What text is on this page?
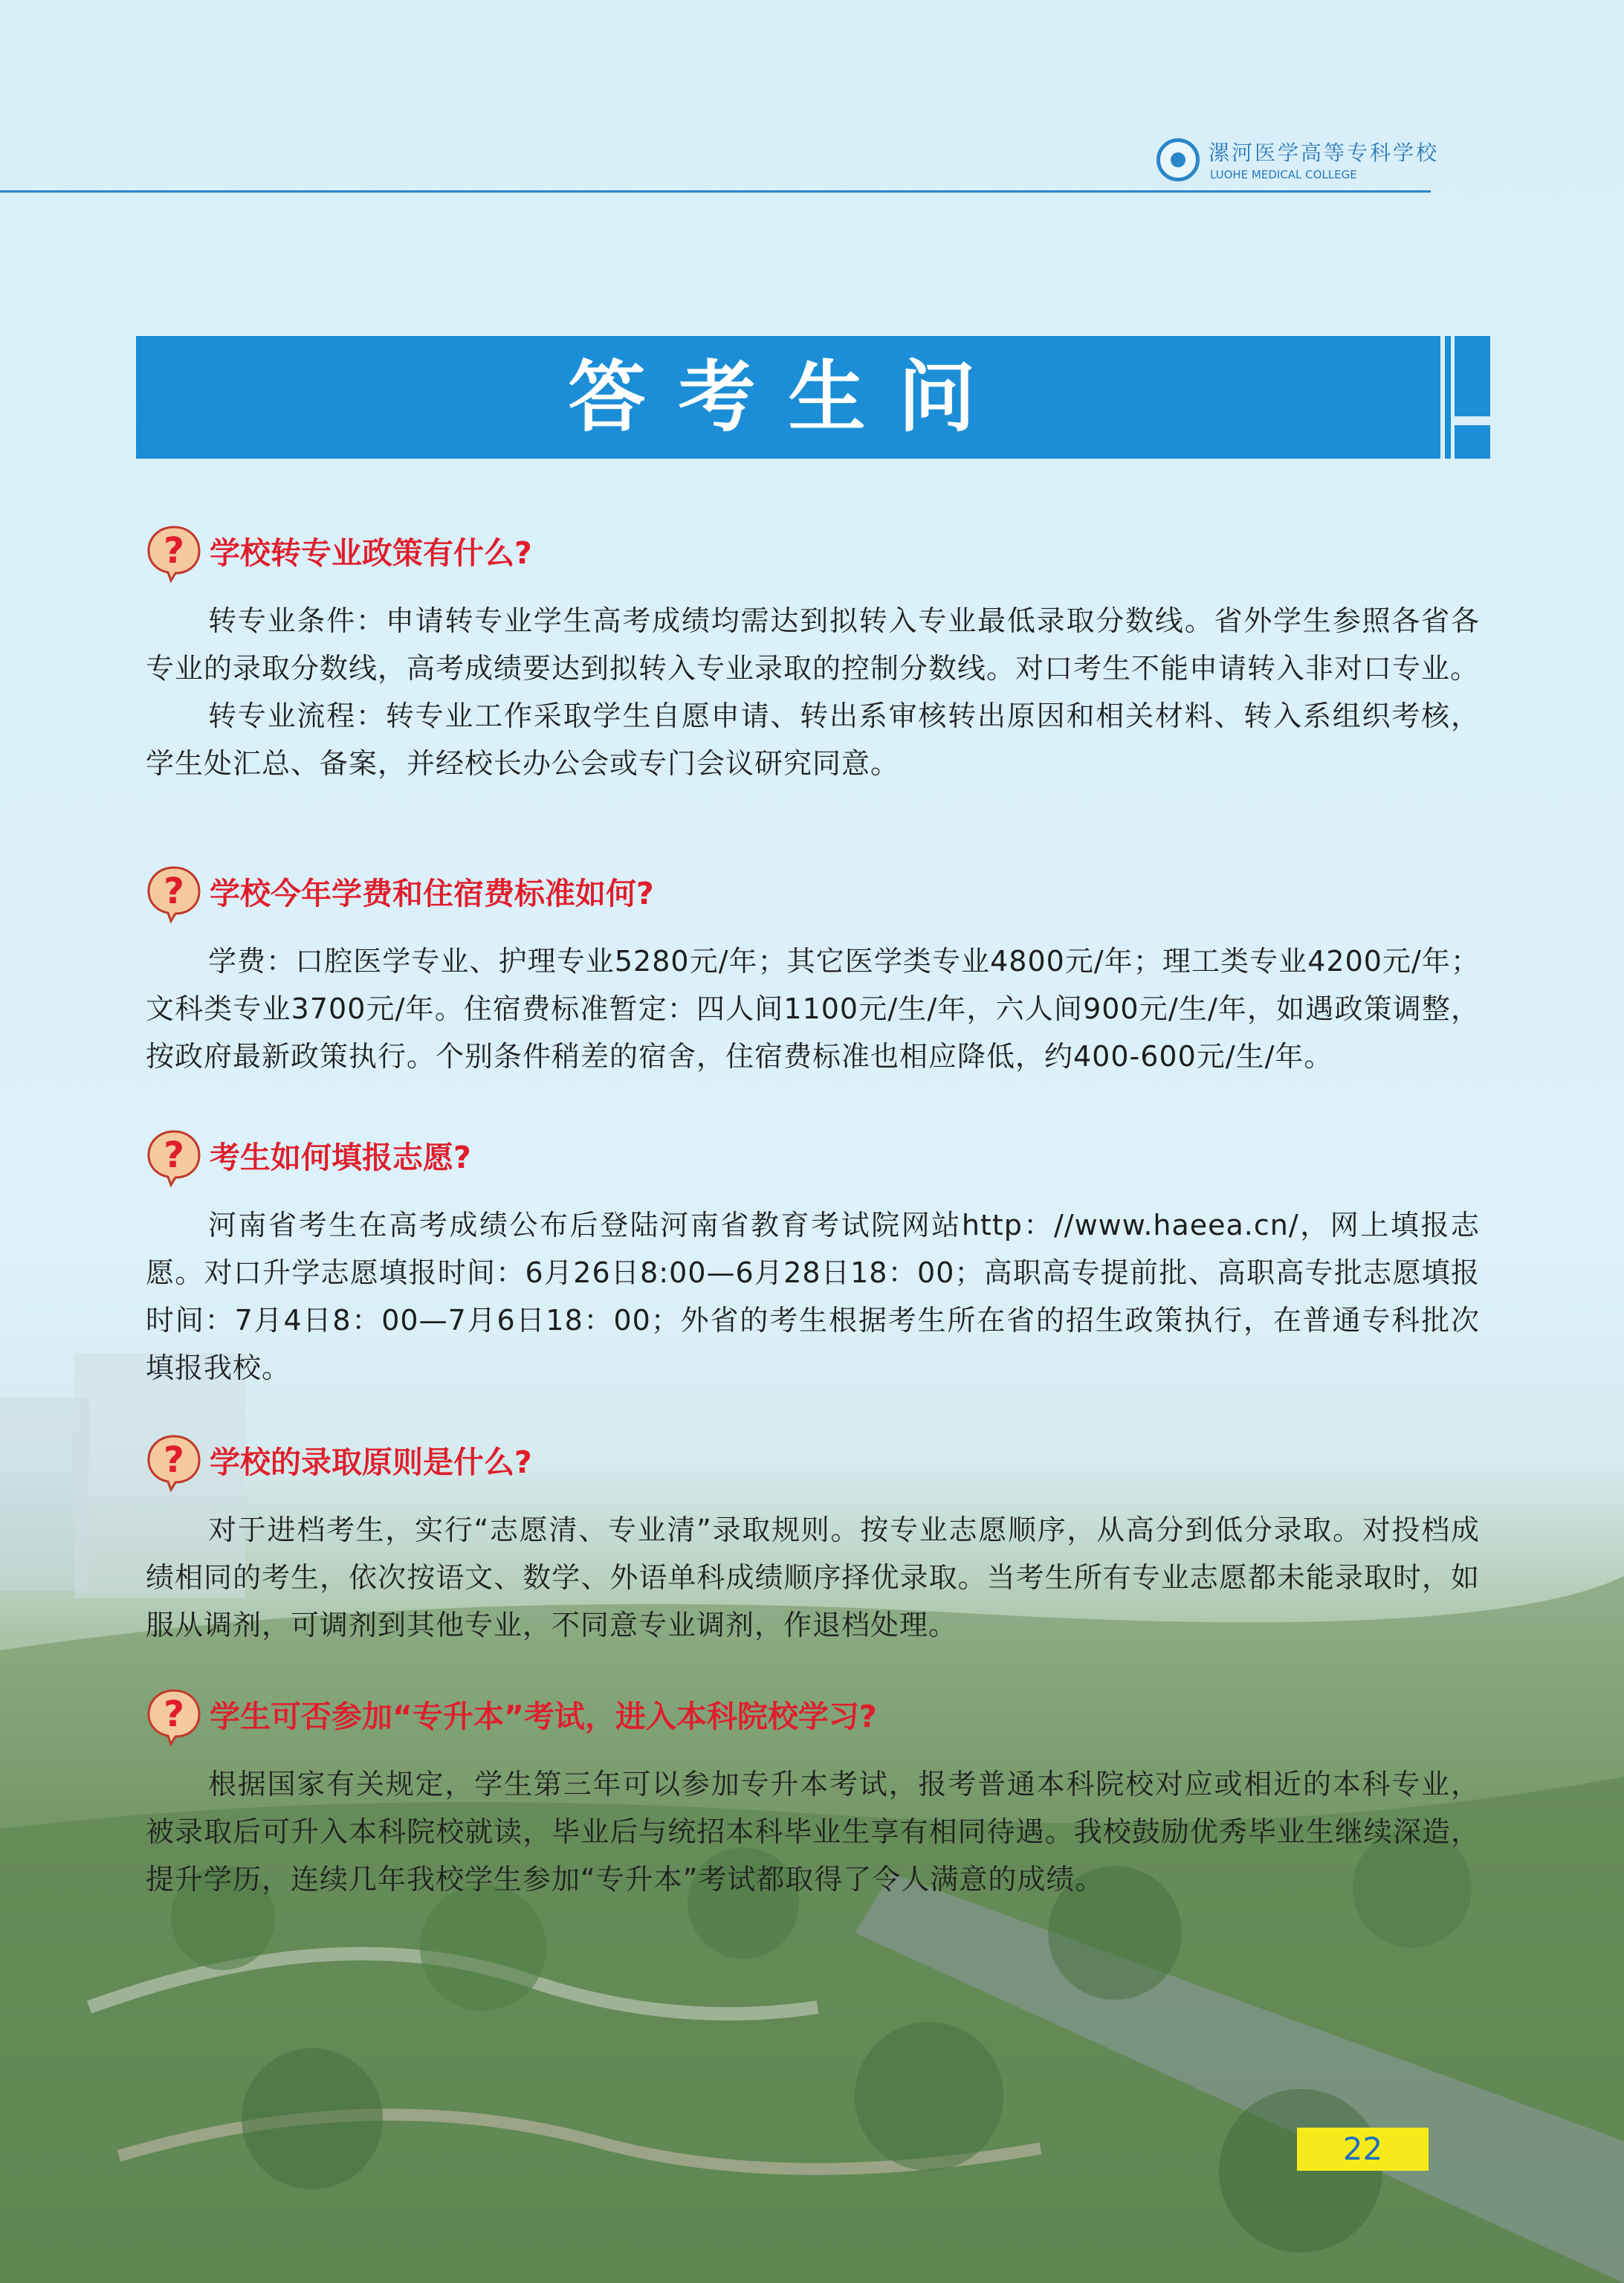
漯河医学高等专科学校
LUOHE MEDICAL COLLEGE
答考生问
学校转专业政策有什么?

转专业条件：申请转专业学生高考成绩均需达到拟转入专业最低录取分数线。省外学生参照各省各专业的录取分数线，高考成绩要达到拟转入专业录取的控制分数线。对口考生不能申请转入非对口专业。

转专业流程：转专业工作采取学生自愿申请、转出系审核转出原因和相关材料、转入系组织考核，学生处汇总、备案，并经校长办公会或专门会议研究同意。

学校今年学费和住宿费标准如何?

学费：口腔医学专业、护理专业5280元/年；其它医学类专业4800元/年；理工类专业4200元/年；文科类专业3700元/年。住宿费标准暂定：四人间1100元/生/年，六人间900元/生/年，如遇政策调整，按政府最新政策执行。个别条件稍差的宿舍，住宿费标准也相应降低，约400-600元/生/年。

考生如何填报志愿?

河南省考生在高考成绩公布后登陆河南省教育考试院网站http：//www.haeea.cn/，网上填报志愿。对口升学志愿填报时间：6月26日8:00—6月28日18：00；高职高专提前批、高职高专批志愿填报时间：7月4日8：00—7月6日18：00；外省的考生根据考生所在省的招生政策执行，在普通专科批次填报我校。

学校的录取原则是什么?

对于进档考生，实行“志愿清、专业清”录取规则。按专业志愿顺序，从高分到低分录取。对投档成绩相同的考生，依次按语文、数学、外语单科成绩顺序择优录取。当考生所有专业志愿都未能录取时，如服从调剂，可调剂到其他专业，不同意专业调剂，作退档处理。

学生可否参加“专升本”考试，进入本科院校学习?

根据国家有关规定，学生第三年可以参加专升本考试，报考普通本科院校对应或相近的本科专业，被录取后可升入本科院校就读，毕业后与统招本科毕业生享有相同待遇。我校鼓励优秀毕业生继续深造，提升学历，连续几年我校学生参加“专升本”考试都取得了令人满意的成绩。

22
